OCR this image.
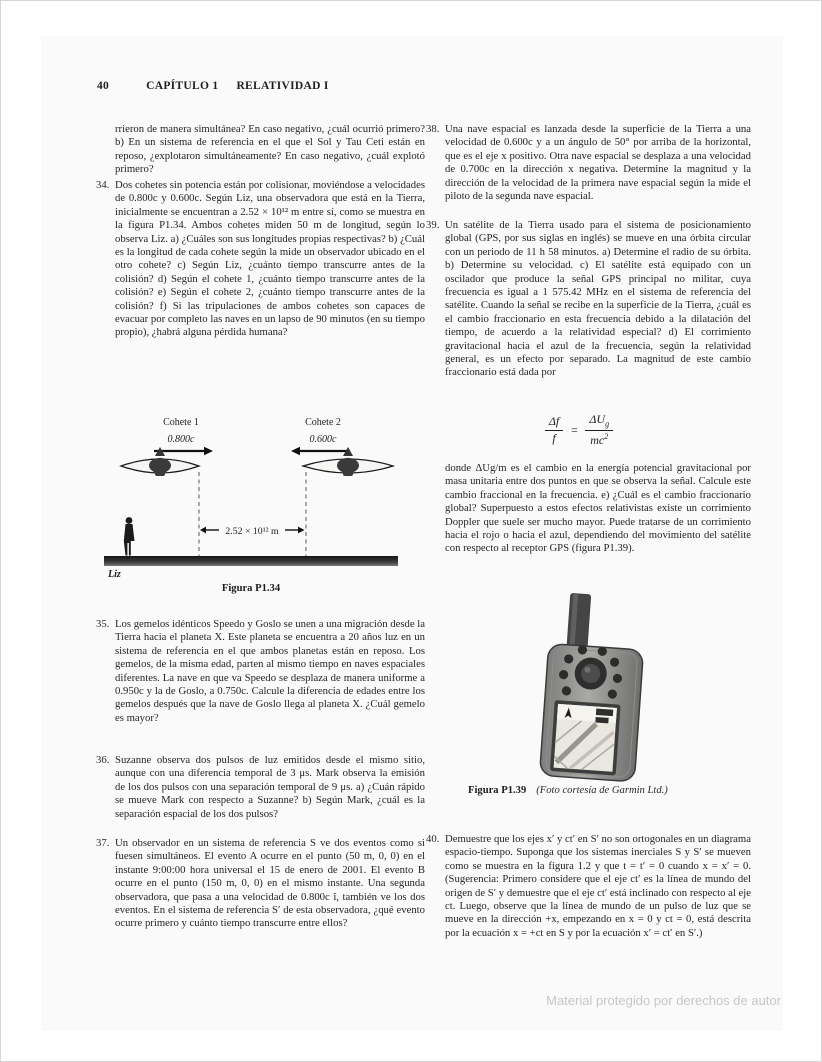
40	CAPÍTULO 1 RELATIVIDAD I
rrieron de manera simultánea? En caso negativo, ¿cuál ocurrió primero? b) En un sistema de referencia en el que el Sol y Tau Ceti están en reposo, ¿explotaron simultáneamente? En caso negativo, ¿cuál explotó primero?
34. Dos cohetes sin potencia están por colisionar, moviéndose a velocidades de 0.800c y 0.600c. Según Liz, una observadora que está en la Tierra, inicialmente se encuentran a 2.52 × 10¹² m entre sí, como se muestra en la figura P1.34. Ambos cohetes miden 50 m de longitud, según lo observa Liz. a) ¿Cuáles son sus longitudes propias respectivas? b) ¿Cuál es la longitud de cada cohete según la mide un observador ubicado en el otro cohete? c) Según Liz, ¿cuánto tiempo transcurre antes de la colisión? d) Según el cohete 1, ¿cuánto tiempo transcurre antes de la colisión? e) Según el cohete 2, ¿cuánto tiempo transcurre antes de la colisión? f) Si las tripulaciones de ambos cohetes son capaces de evacuar por completo las naves en un lapso de 90 minutos (en su tiempo propio), ¿habrá alguna pérdida humana?
Cohete 1
0.800c
Cohete 2
0.600c
2.52 × 10¹² m
Liz
Figura P1.34
35. Los gemelos idénticos Speedo y Goslo se unen a una migración desde la Tierra hacia el planeta X. Este planeta se encuentra a 20 años luz en un sistema de referencia en el que ambos planetas están en reposo. Los gemelos, de la misma edad, parten al mismo tiempo en naves espaciales diferentes. La nave en que va Speedo se desplaza de manera uniforme a 0.950c y la de Goslo, a 0.750c. Calcule la diferencia de edades entre los gemelos después que la nave de Goslo llega al planeta X. ¿Cuál gemelo es mayor?
36. Suzanne observa dos pulsos de luz emitidos desde el mismo sitio, aunque con una diferencia temporal de 3 μs. Mark observa la emisión de los dos pulsos con una separación temporal de 9 μs. a) ¿Cuán rápido se mueve Mark con respecto a Suzanne? b) Según Mark, ¿cuál es la separación espacial de los dos pulsos?
37. Un observador en un sistema de referencia S ve dos eventos como si fuesen simultáneos. El evento A ocurre en el punto (50 m, 0, 0) en el instante 9:00:00 hora universal el 15 de enero de 2001. El evento B ocurre en el punto (150 m, 0, 0) en el mismo instante. Una segunda observadora, que pasa a una velocidad de 0.800c î, también ve los dos eventos. En el sistema de referencia S′ de esta observadora, ¿qué evento ocurre primero y cuánto tiempo transcurre entre ellos?
38. Una nave espacial es lanzada desde la superficie de la Tierra a una velocidad de 0.600c y a un ángulo de 50° por arriba de la horizontal, que es el eje x positivo. Otra nave espacial se desplaza a una velocidad de 0.700c en la dirección x negativa. Determine la magnitud y la dirección de la velocidad de la primera nave espacial según la mide el piloto de la segunda nave espacial.
39. Un satélite de la Tierra usado para el sistema de posicionamiento global (GPS, por sus siglas en inglés) se mueve en una órbita circular con un periodo de 11 h 58 minutos. a) Determine el radio de su órbita. b) Determine su velocidad. c) El satélite está equipado con un oscilador que produce la señal GPS principal no militar, cuya frecuencia es igual a 1 575.42 MHz en el sistema de referencia del satélite. Cuando la señal se recibe en la superficie de la Tierra, ¿cuál es el cambio fraccionario en esta frecuencia debido a la dilatación del tiempo, de acuerdo a la relatividad especial? d) El corrimiento gravitacional hacia el azul de la frecuencia, según la relatividad general, es un efecto por separado. La magnitud de este cambio fraccionario está dada por
$\frac{\Delta f}{f} = \frac{\Delta U_g}{mc^2}$
donde ΔUg/m es el cambio en la energía potencial gravitacional por masa unitaria entre dos puntos en que se observa la señal. Calcule este cambio fraccional en la frecuencia. e) ¿Cuál es el cambio fraccionario global? Superpuesto a estos efectos relativistas existe un corrimiento Doppler que suele ser mucho mayor. Puede tratarse de un corrimiento hacia el rojo o hacia el azul, dependiendo del movimiento del satélite con respecto al receptor GPS (figura P1.39).
Figura P1.39 (Foto cortesía de Garmin Ltd.)
40. Demuestre que los ejes x′ y ct′ en S′ no son ortogonales en un diagrama espacio-tiempo. Suponga que los sistemas inerciales S y S′ se mueven como se muestra en la figura 1.2 y que t = t′ = 0 cuando x = x′ = 0. (Sugerencia: Primero considere que el eje ct′ es la línea de mundo del origen de S′ y demuestre que el eje ct′ está inclinado con respecto al eje ct. Luego, observe que la línea de mundo de un pulso de luz que se mueve en la dirección +x, empezando en x = 0 y ct = 0, está descrita por la ecuación x = +ct en S y por la ecuación x′ = ct′ en S′.)
Material protegido por derechos de autor
